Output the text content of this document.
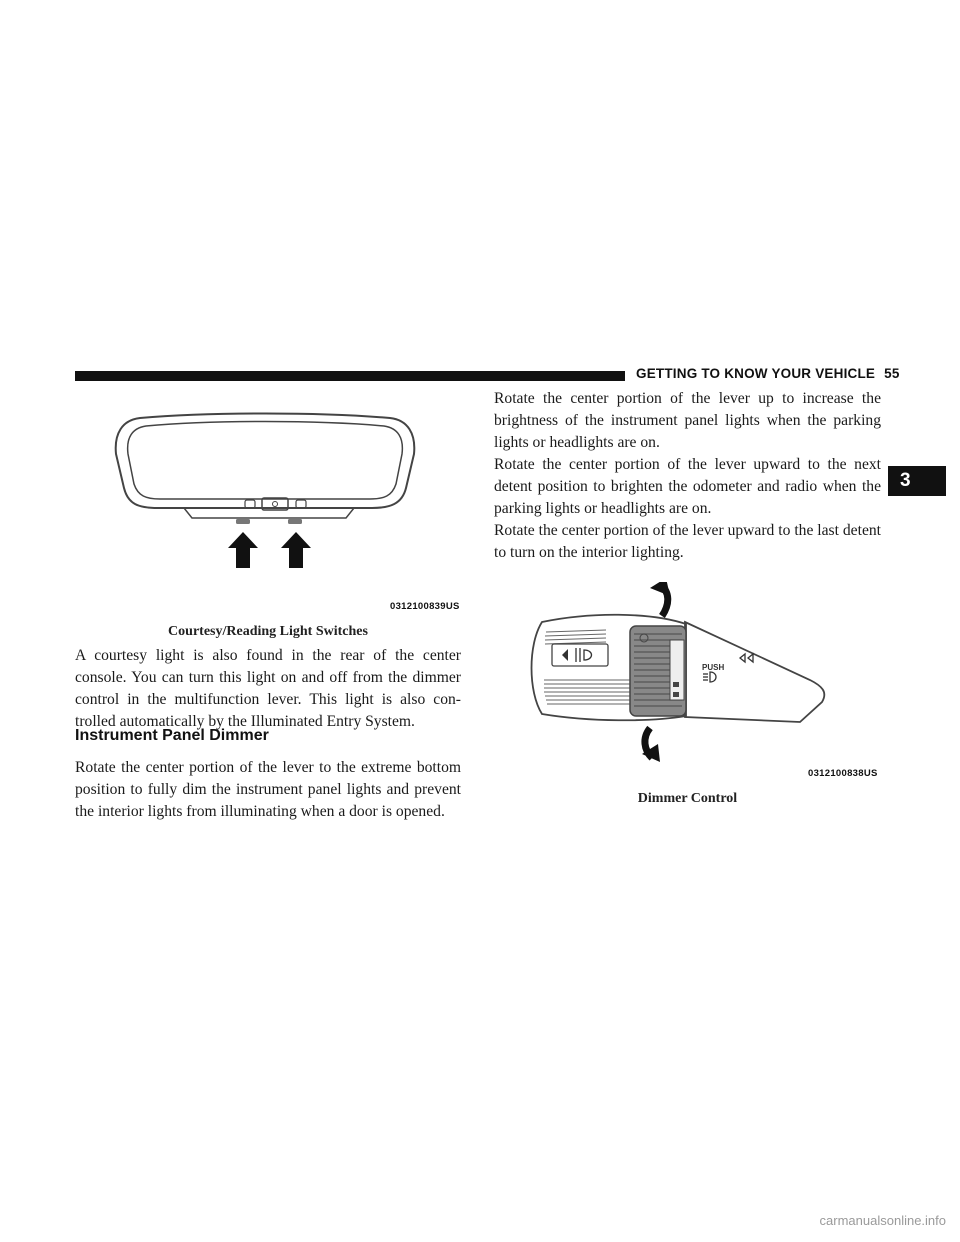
GETTING TO KNOW YOUR VEHICLE 55
3
0312100839US
Courtesy/Reading Light Switches

A courtesy light is also found in the rear of the center console. You can turn this light on and off from the dimmer control in the multifunction lever. This light is also con-trolled automatically by the Illuminated Entry System.

Instrument Panel Dimmer

Rotate the center portion of the lever to the extreme bottom position to fully dim the instrument panel lights and prevent the interior lights from illuminating when a door is opened.

Rotate the center portion of the lever up to increase the brightness of the instrument panel lights when the parking lights or headlights are on.

Rotate the center portion of the lever upward to the next detent position to brighten the odometer and radio when the parking lights or headlights are on.

Rotate the center portion of the lever upward to the last detent to turn on the interior lighting.

PUSH
0312100838US
Dimmer Control
carmanualsonline.info
